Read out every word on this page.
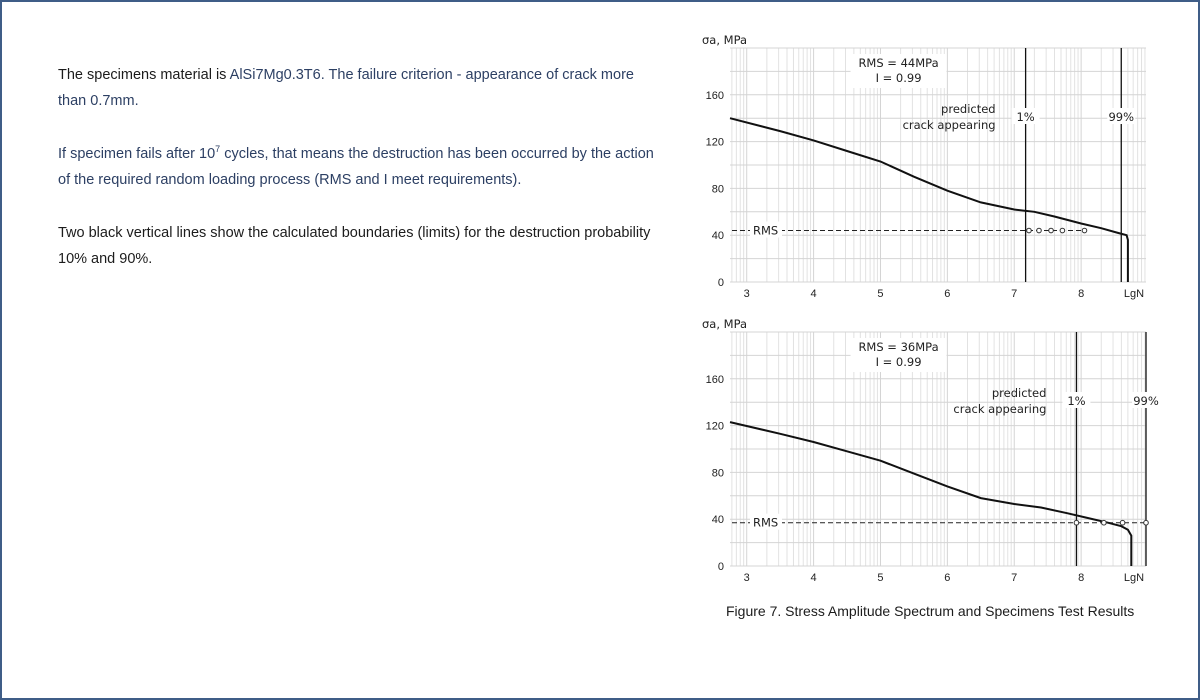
The specimens material is AlSi7Mg0.3T6. The failure criterion - appearance of crack more than 0.7mm.

If specimen fails after $10^7$ cycles, that means the destruction has been occurred by the action of the required random loading process (RMS and I meet requirements).

Two black vertical lines show the calculated boundaries (limits) for the destruction probability 10% and 90%.

0
40
80
120
160
3	4	5	6	7	8	LgN
σa, MPa
RMS = 44MPa
I = 0.99
predicted
crack appearing
1%	99%
RMS
0
40
80
120
160
3	4	5	6	7	8	LgN
σa, MPa
RMS = 36MPa
I = 0.99
predicted
crack appearing
1%	99%
RMS
Figure 7. Stress Amplitude Spectrum and Specimens Test Results
